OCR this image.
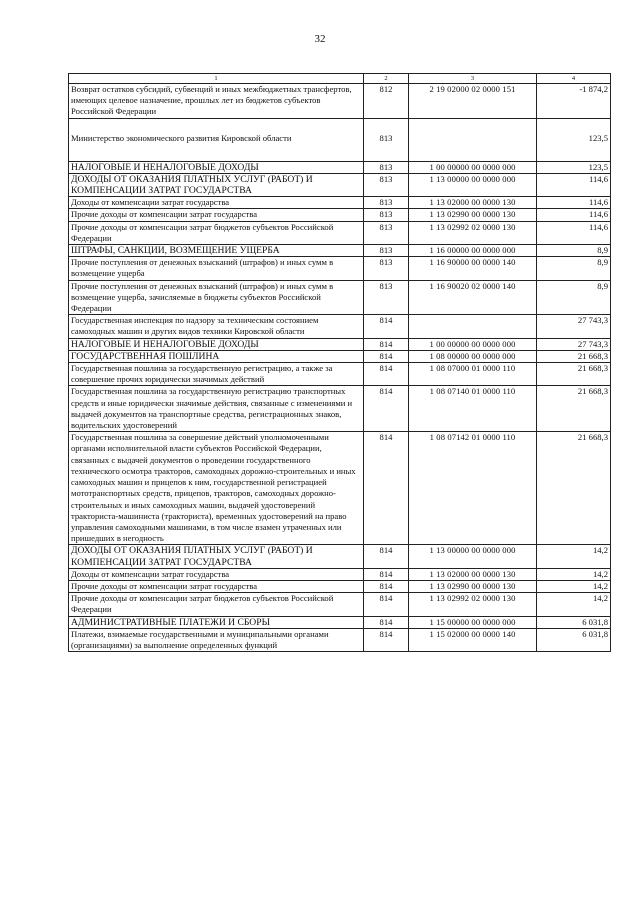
32
1	2	3	4
Возврат остатков субсидий, субвенций и иных межбюджетных трансфертов, имеющих целевое назначение, прошлых лет из бюджетов субъектов Российской Федерации	812	2 19 02000 02 0000 151	-1 874,2
Министерство экономического развития Кировской области	813		123,5
НАЛОГОВЫЕ И НЕНАЛОГОВЫЕ ДОХОДЫ	813	1 00 00000 00 0000 000	123,5
ДОХОДЫ ОТ ОКАЗАНИЯ ПЛАТНЫХ УСЛУГ (РАБОТ) И КОМПЕНСАЦИИ ЗАТРАТ ГОСУДАРСТВА	813	1 13 00000 00 0000 000	114,6
Доходы от компенсации затрат государства	813	1 13 02000 00 0000 130	114,6
Прочие доходы от компенсации затрат государства	813	1 13 02990 00 0000 130	114,6
Прочие доходы от компенсации затрат бюджетов субъектов Российской Федерации	813	1 13 02992 02 0000 130	114,6
ШТРАФЫ, САНКЦИИ, ВОЗМЕЩЕНИЕ УЩЕРБА	813	1 16 00000 00 0000 000	8,9
Прочие поступления от денежных взысканий (штрафов) и иных сумм в возмещение ущерба	813	1 16 90000 00 0000 140	8,9
Прочие поступления от денежных взысканий (штрафов) и иных сумм в возмещение ущерба, зачисляемые в бюджеты субъектов Российской Федерации	813	1 16 90020 02 0000 140	8,9
Государственная инспекция по надзору за техническим состоянием самоходных машин и других видов техники Кировской области	814		27 743,3
НАЛОГОВЫЕ И НЕНАЛОГОВЫЕ ДОХОДЫ	814	1 00 00000 00 0000 000	27 743,3
ГОСУДАРСТВЕННАЯ ПОШЛИНА	814	1 08 00000 00 0000 000	21 668,3
Государственная пошлина за государственную регистрацию, а также за совершение прочих юридически значимых действий	814	1 08 07000 01 0000 110	21 668,3
Государственная пошлина за государственную регистрацию транспортных средств и иные юридически значимые действия, связанные с изменениями и выдачей документов на транспортные средства, регистрационных знаков, водительских удостоверений	814	1 08 07140 01 0000 110	21 668,3
Государственная пошлина за совершение действий уполномоченными органами исполнительной власти субъектов Российской Федерации, связанных с выдачей документов о проведении государственного технического осмотра тракторов, самоходных дорожно-строительных и иных самоходных машин и прицепов к ним, государственной регистрацией мототранспортных средств, прицепов, тракторов, самоходных дорожно-строительных и иных самоходных машин, выдачей удостоверений тракториста-машиниста (тракториста), временных удостоверений на право управления самоходными машинами, в том числе взамен утраченных или пришедших в негодность	814	1 08 07142 01 0000 110	21 668,3
ДОХОДЫ ОТ ОКАЗАНИЯ ПЛАТНЫХ УСЛУГ (РАБОТ) И КОМПЕНСАЦИИ ЗАТРАТ ГОСУДАРСТВА	814	1 13 00000 00 0000 000	14,2
Доходы от компенсации затрат государства	814	1 13 02000 00 0000 130	14,2
Прочие доходы от компенсации затрат государства	814	1 13 02990 00 0000 130	14,2
Прочие доходы от компенсации затрат бюджетов субъектов Российской Федерации	814	1 13 02992 02 0000 130	14,2
АДМИНИСТРАТИВНЫЕ ПЛАТЕЖИ И СБОРЫ	814	1 15 00000 00 0000 000	6 031,8
Платежи, взимаемые государственными и муниципальными органами (организациями) за выполнение определенных функций	814	1 15 02000 00 0000 140	6 031,8
